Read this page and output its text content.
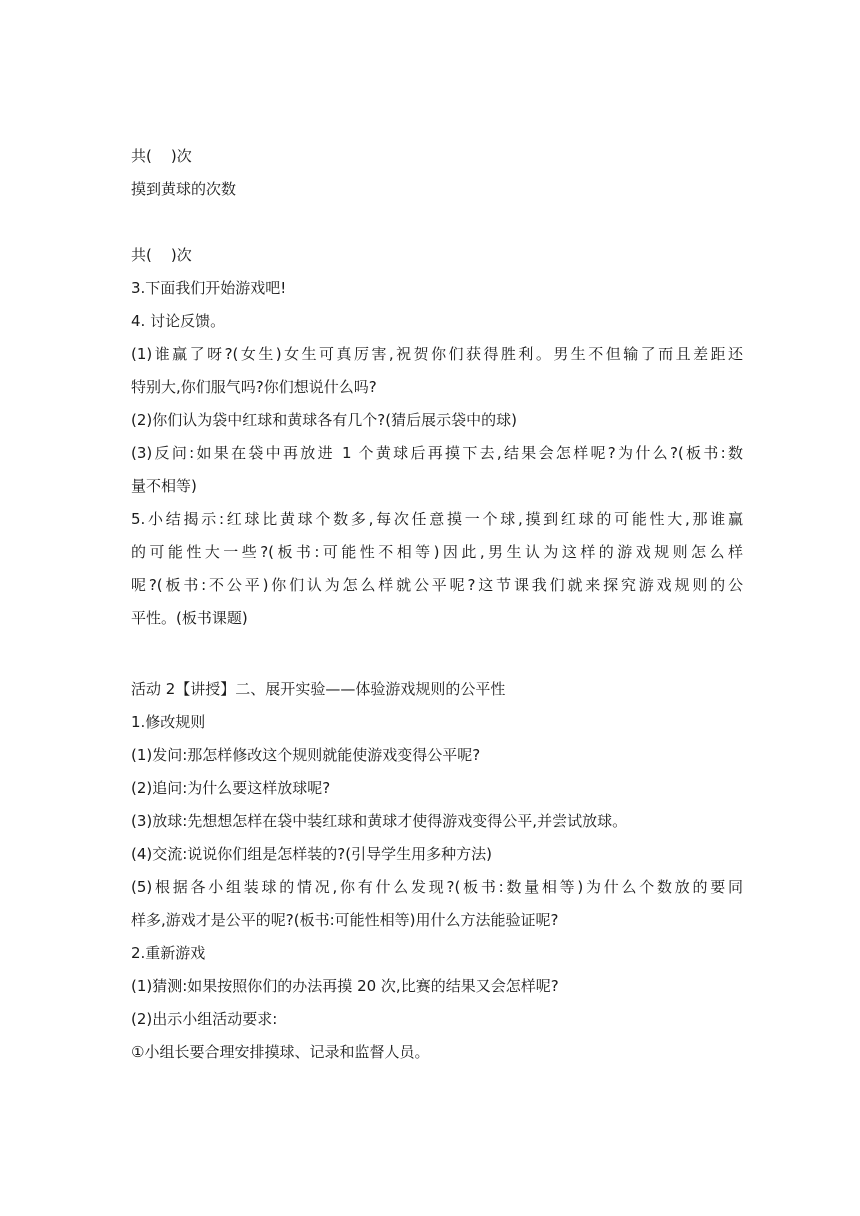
共(    )次
摸到黄球的次数
共(    )次
3.下面我们开始游戏吧!
4. 讨论反馈。
(1)谁赢了呀?(女生)女生可真厉害,祝贺你们获得胜利。男生不但输了而且差距还
特别大,你们服气吗?你们想说什么吗?
(2)你们认为袋中红球和黄球各有几个?(猜后展示袋中的球)
(3)反问:如果在袋中再放进 1 个黄球后再摸下去,结果会怎样呢?为什么?(板书:数
量不相等)
5.小结揭示:红球比黄球个数多,每次任意摸一个球,摸到红球的可能性大,那谁赢
的可能性大一些?(板书:可能性不相等)因此,男生认为这样的游戏规则怎么样
呢?(板书:不公平)你们认为怎么样就公平呢?这节课我们就来探究游戏规则的公
平性。(板书课题)
活动 2【讲授】二、展开实验——体验游戏规则的公平性
1.修改规则
(1)发问:那怎样修改这个规则就能使游戏变得公平呢?
(2)追问:为什么要这样放球呢?
(3)放球:先想想怎样在袋中装红球和黄球才使得游戏变得公平,并尝试放球。
(4)交流:说说你们组是怎样装的?(引导学生用多种方法)
(5)根据各小组装球的情况,你有什么发现?(板书:数量相等)为什么个数放的要同
样多,游戏才是公平的呢?(板书:可能性相等)用什么方法能验证呢?
2.重新游戏
(1)猜测:如果按照你们的办法再摸 20 次,比赛的结果又会怎样呢?
(2)出示小组活动要求:
①小组长要合理安排摸球、记录和监督人员。
